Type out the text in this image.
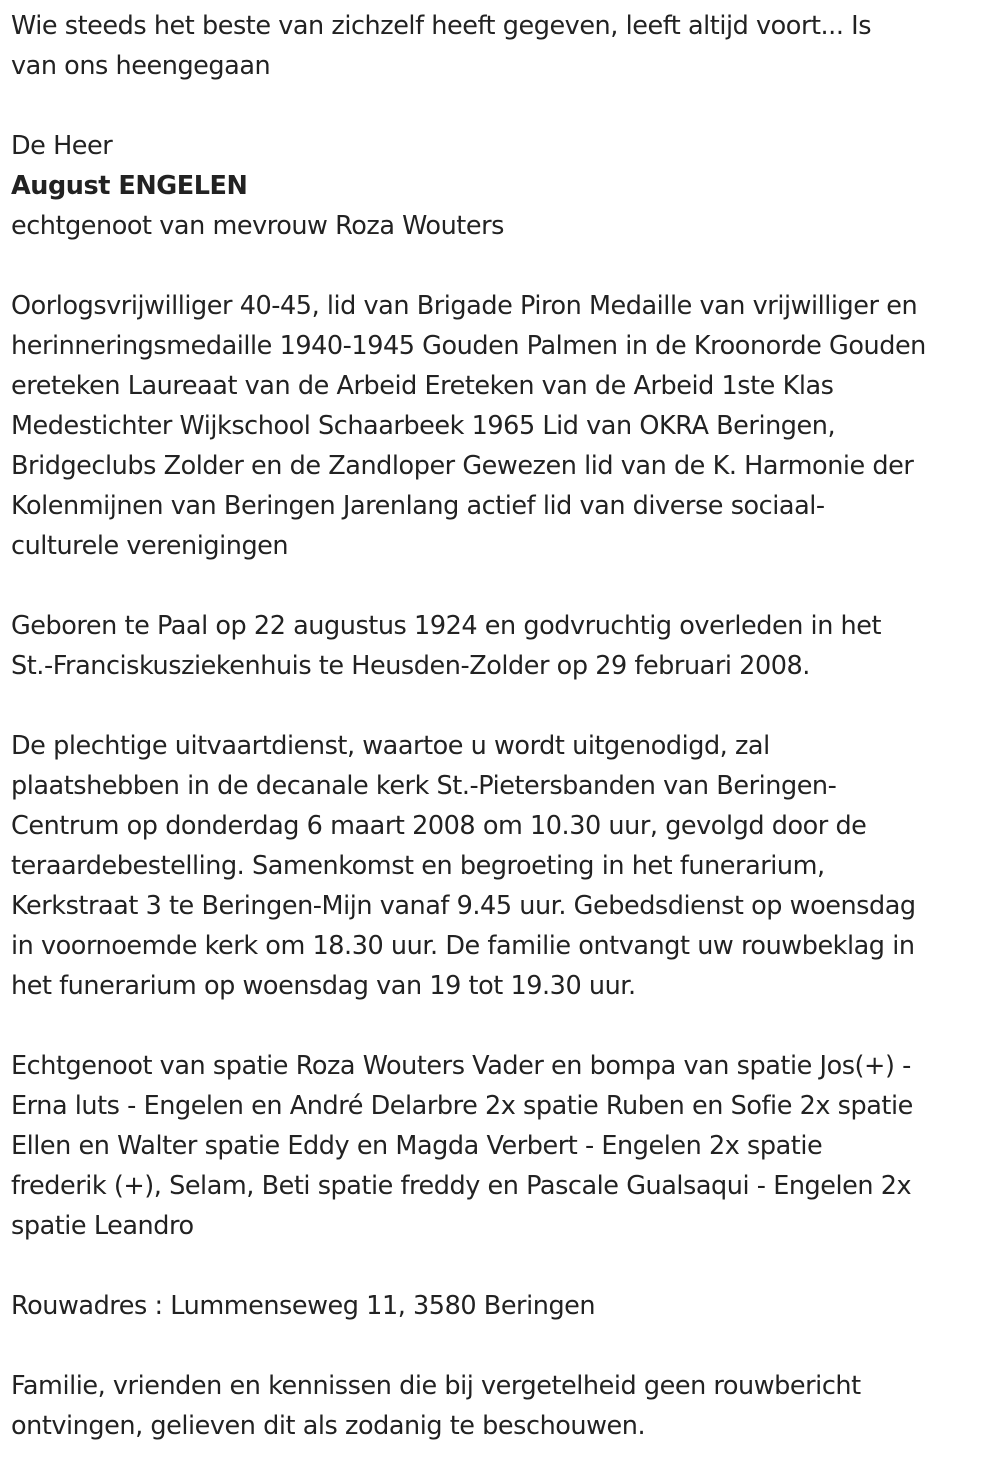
Wie steeds het beste van zichzelf heeft gegeven, leeft altijd voort... Is
van ons heengegaan

De Heer

August ENGELEN

echtgenoot van mevrouw Roza Wouters

Oorlogsvrijwilliger 40-45, lid van Brigade Piron Medaille van vrijwilliger en
herinneringsmedaille 1940-1945 Gouden Palmen in de Kroonorde Gouden
ereteken Laureaat van de Arbeid Ereteken van de Arbeid 1ste Klas
Medestichter Wijkschool Schaarbeek 1965 Lid van OKRA Beringen,
Bridgeclubs Zolder en de Zandloper Gewezen lid van de K. Harmonie der
Kolenmijnen van Beringen Jarenlang actief lid van diverse sociaal-
culturele verenigingen

Geboren te Paal op 22 augustus 1924 en godvruchtig overleden in het
St.-Franciskusziekenhuis te Heusden-Zolder op 29 februari 2008.

De plechtige uitvaartdienst, waartoe u wordt uitgenodigd, zal
plaatshebben in de decanale kerk St.-Pietersbanden van Beringen-
Centrum op donderdag 6 maart 2008 om 10.30 uur, gevolgd door de
teraardebestelling. Samenkomst en begroeting in het funerarium,
Kerkstraat 3 te Beringen-Mijn vanaf 9.45 uur. Gebedsdienst op woensdag
in voornoemde kerk om 18.30 uur. De familie ontvangt uw rouwbeklag in
het funerarium op woensdag van 19 tot 19.30 uur.

Echtgenoot van spatie Roza Wouters Vader en bompa van spatie Jos(+) -
Erna luts - Engelen en André Delarbre 2x spatie Ruben en Sofie 2x spatie
Ellen en Walter spatie Eddy en Magda Verbert - Engelen 2x spatie
frederik (+), Selam, Beti spatie freddy en Pascale Gualsaqui - Engelen 2x
spatie Leandro

Rouwadres : Lummenseweg 11, 3580 Beringen

Familie, vrienden en kennissen die bij vergetelheid geen rouwbericht
ontvingen, gelieven dit als zodanig te beschouwen.
